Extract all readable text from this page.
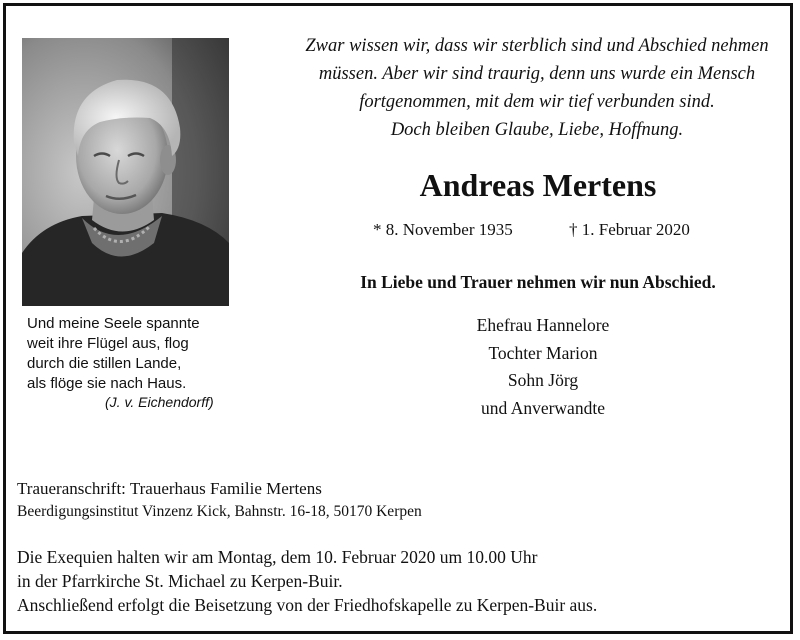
Zwar wissen wir, dass wir sterblich sind und Abschied nehmen
müssen. Aber wir sind traurig, denn uns wurde ein Mensch
fortgenommen, mit dem wir tief verbunden sind.
Doch bleiben Glaube, Liebe, Hoffnung.
Andreas Mertens
* 8. November 1935	† 1. Februar 2020
In Liebe und Trauer nehmen wir nun Abschied.
Ehefrau Hannelore
Tochter Marion
Sohn Jörg
und Anverwandte
Und meine Seele spannte
weit ihre Flügel aus, flog
durch die stillen Lande,
als flöge sie nach Haus.
(J. v. Eichendorff)
Traueranschrift: Trauerhaus Familie Mertens
Beerdigungsinstitut Vinzenz Kick, Bahnstr. 16-18, 50170 Kerpen
Die Exequien halten wir am Montag, dem 10. Februar 2020 um 10.00 Uhr
in der Pfarrkirche St. Michael zu Kerpen-Buir.
Anschließend erfolgt die Beisetzung von der Friedhofskapelle zu Kerpen-Buir aus.
